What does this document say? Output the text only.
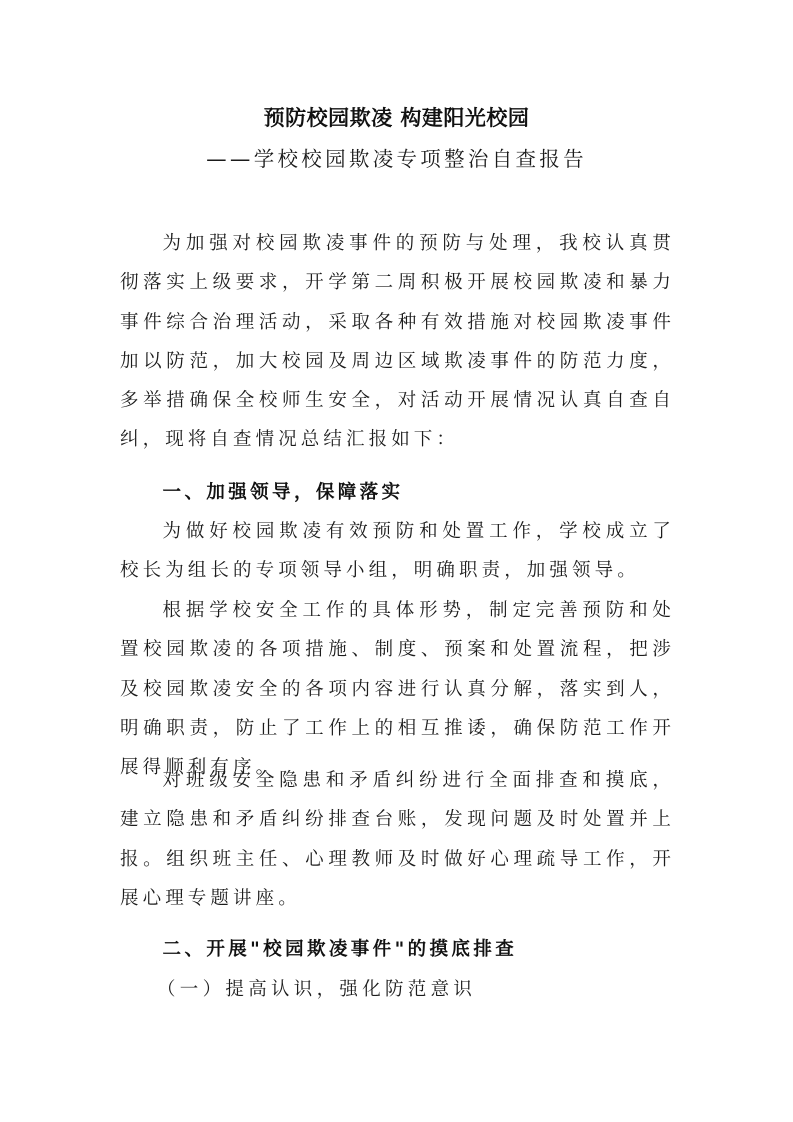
预防校园欺凌 构建阳光校园
——学校校园欺凌专项整治自查报告

为加强对校园欺凌事件的预防与处理，我校认真贯彻落实上级要求，开学第二周积极开展校园欺凌和暴力事件综合治理活动，采取各种有效措施对校园欺凌事件加以防范，加大校园及周边区域欺凌事件的防范力度，多举措确保全校师生安全，对活动开展情况认真自查自纠，现将自查情况总结汇报如下：

一、加强领导，保障落实

为做好校园欺凌有效预防和处置工作，学校成立了校长为组长的专项领导小组，明确职责，加强领导。

根据学校安全工作的具体形势，制定完善预防和处置校园欺凌的各项措施、制度、预案和处置流程，把涉及校园欺凌安全的各项内容进行认真分解，落实到人，明确职责，防止了工作上的相互推诿，确保防范工作开展得顺利有序。

对班级安全隐患和矛盾纠纷进行全面排查和摸底，建立隐患和矛盾纠纷排查台账，发现问题及时处置并上报。组织班主任、心理教师及时做好心理疏导工作，开展心理专题讲座。

二、开展"校园欺凌事件"的摸底排查

（一）提高认识，强化防范意识
